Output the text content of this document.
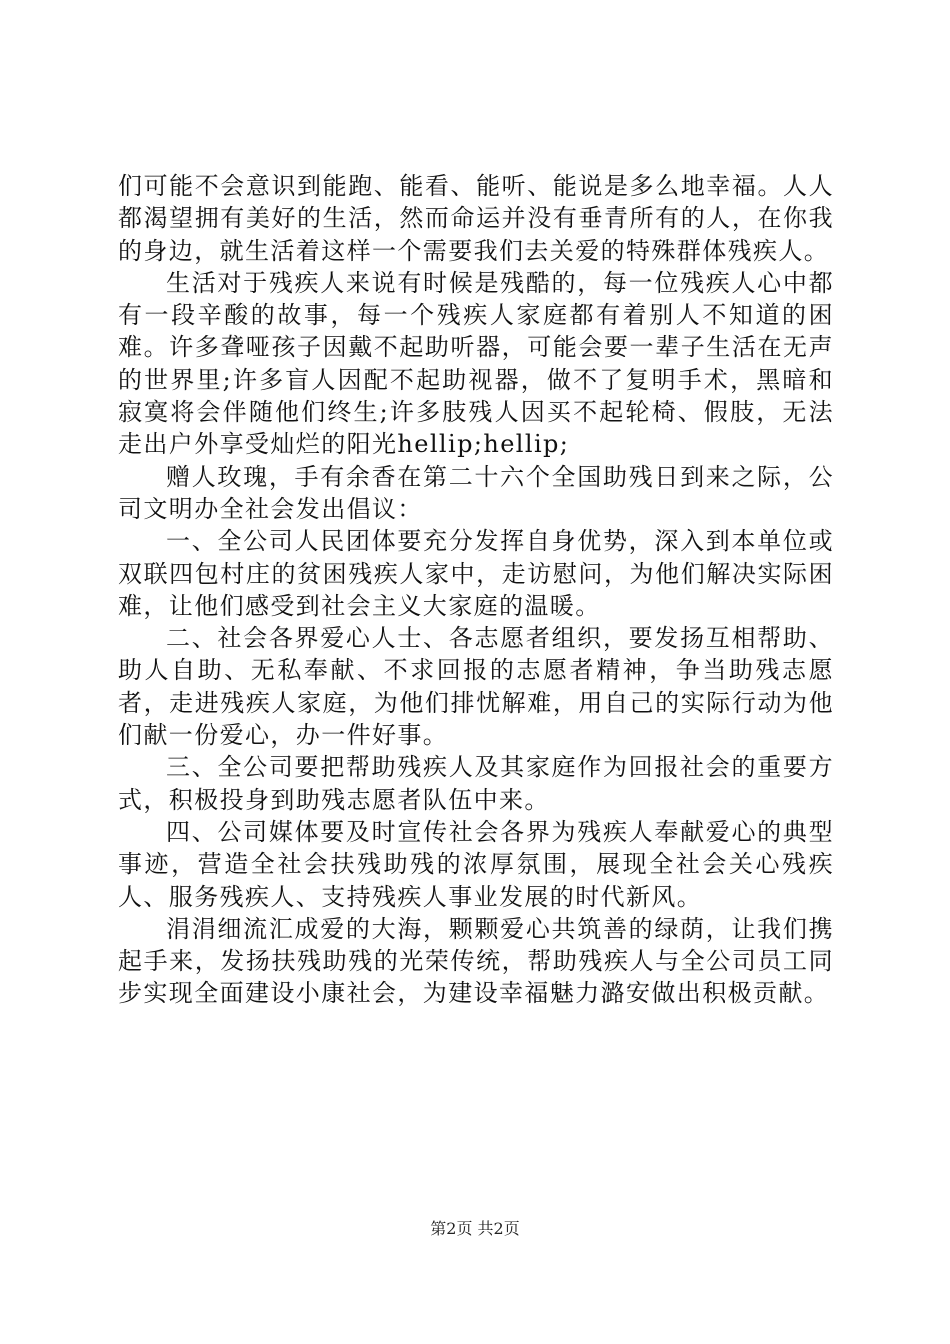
们可能不会意识到能跑、能看、能听、能说是多么地幸福。人人都渴望拥有美好的生活，然而命运并没有垂青所有的人，在你我的身边，就生活着这样一个需要我们去关爱的特殊群体残疾人。

生活对于残疾人来说有时候是残酷的，每一位残疾人心中都有一段辛酸的故事，每一个残疾人家庭都有着别人不知道的困难。许多聋哑孩子因戴不起助听器，可能会要一辈子生活在无声的世界里;许多盲人因配不起助视器，做不了复明手术，黑暗和寂寞将会伴随他们终生;许多肢残人因买不起轮椅、假肢，无法走出户外享受灿烂的阳光hellip;hellip;

赠人玫瑰，手有余香在第二十六个全国助残日到来之际，公司文明办全社会发出倡议：

一、全公司人民团体要充分发挥自身优势，深入到本单位或双联四包村庄的贫困残疾人家中，走访慰问，为他们解决实际困难，让他们感受到社会主义大家庭的温暖。

二、社会各界爱心人士、各志愿者组织，要发扬互相帮助、助人自助、无私奉献、不求回报的志愿者精神，争当助残志愿者，走进残疾人家庭，为他们排忧解难，用自己的实际行动为他们献一份爱心，办一件好事。

三、全公司要把帮助残疾人及其家庭作为回报社会的重要方式，积极投身到助残志愿者队伍中来。

四、公司媒体要及时宣传社会各界为残疾人奉献爱心的典型事迹，营造全社会扶残助残的浓厚氛围，展现全社会关心残疾人、服务残疾人、支持残疾人事业发展的时代新风。

涓涓细流汇成爱的大海，颗颗爱心共筑善的绿荫，让我们携起手来，发扬扶残助残的光荣传统，帮助残疾人与全公司员工同步实现全面建设小康社会，为建设幸福魅力潞安做出积极贡献。

第2页 共2页
